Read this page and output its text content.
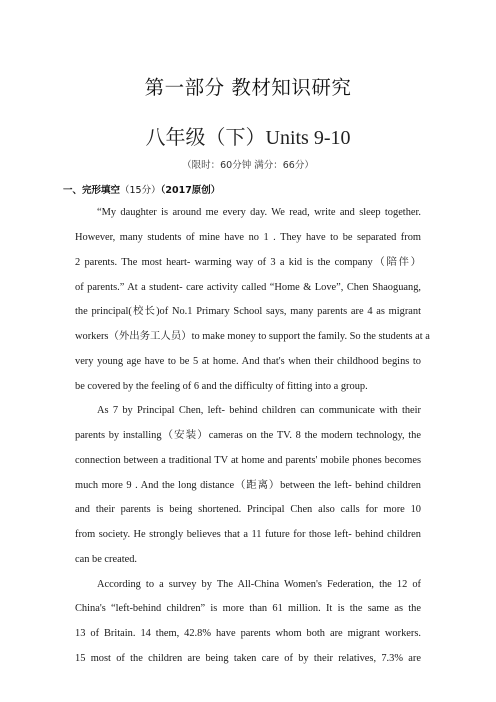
第一部分 教材知识研究
八年级（下）Units 9-10
（限时：60分钟 满分：66分）
一、完形填空（15分）（2017原创）
“My daughter is around me every day. We read, write and sleep together.
However, many students of mine have no 1 . They have to be separated from
2 parents. The most heart- warming way of 3 a kid is the company（陪伴）
of parents.” At a student- care activity called “Home & Love”, Chen Shaoguang,
the principal(校长)of No.1 Primary School says, many parents are 4 as migrant
workers（外出务工人员）to make money to support the family. So the students at a
very young age have to be 5 at home. And that's when their childhood begins to
be covered by the feeling of 6 and the difficulty of fitting into a group.
As 7 by Principal Chen, left- behind children can communicate with their
parents by installing（安装）cameras on the TV. 8 the modern technology, the
connection between a traditional TV at home and parents' mobile phones becomes
much more 9 . And the long distance（距离）between the left- behind children
and their parents is being shortened. Principal Chen also calls for more 10
from society. He strongly believes that a 11 future for those left- behind children
can be created.
According to a survey by The All-China Women's Federation, the 12 of
China's “left-behind children” is more than 61 million. It is the same as the
13 of Britain. 14 them, 42.8% have parents whom both are migrant workers.
15 most of the children are being taken care of by their relatives, 7.3% are
